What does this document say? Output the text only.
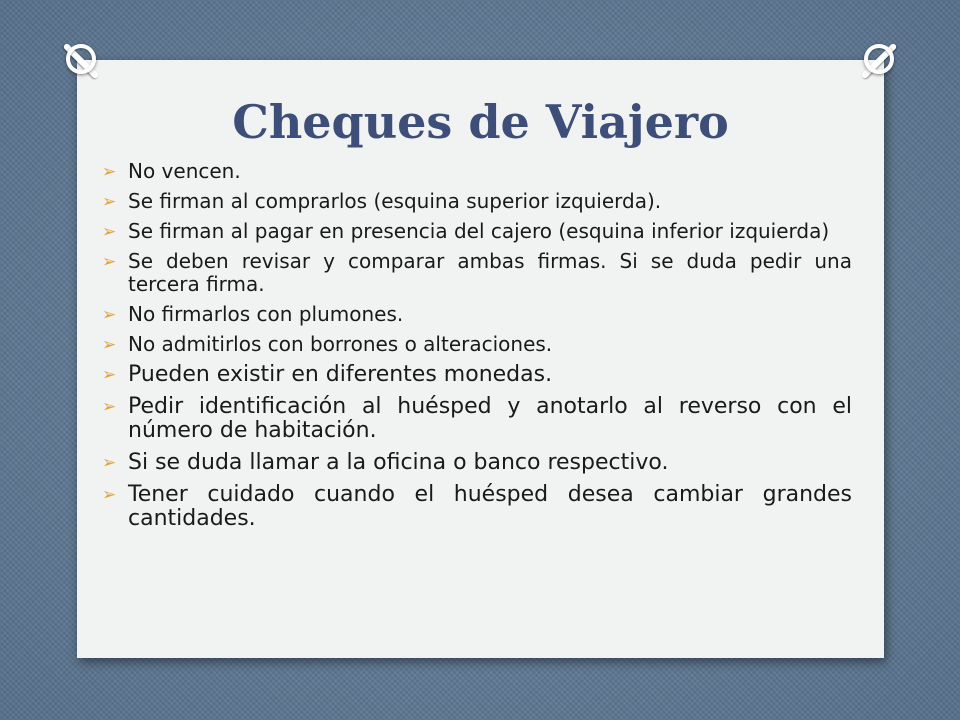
Cheques de Viajero
➢ No vencen.
➢ Se firman al comprarlos (esquina superior izquierda).
➢ Se firman al pagar en presencia del cajero (esquina inferior izquierda)
➢ Se deben revisar y comparar ambas firmas. Si se duda pedir una tercera firma.
➢ No firmarlos con plumones.
➢ No admitirlos con borrones o alteraciones.
➢ Pueden existir en diferentes monedas.
➢ Pedir identificación al huésped y anotarlo al reverso con el número de habitación.
➢ Si se duda llamar a la oficina o banco respectivo.
➢ Tener cuidado cuando el huésped desea cambiar grandes cantidades.
